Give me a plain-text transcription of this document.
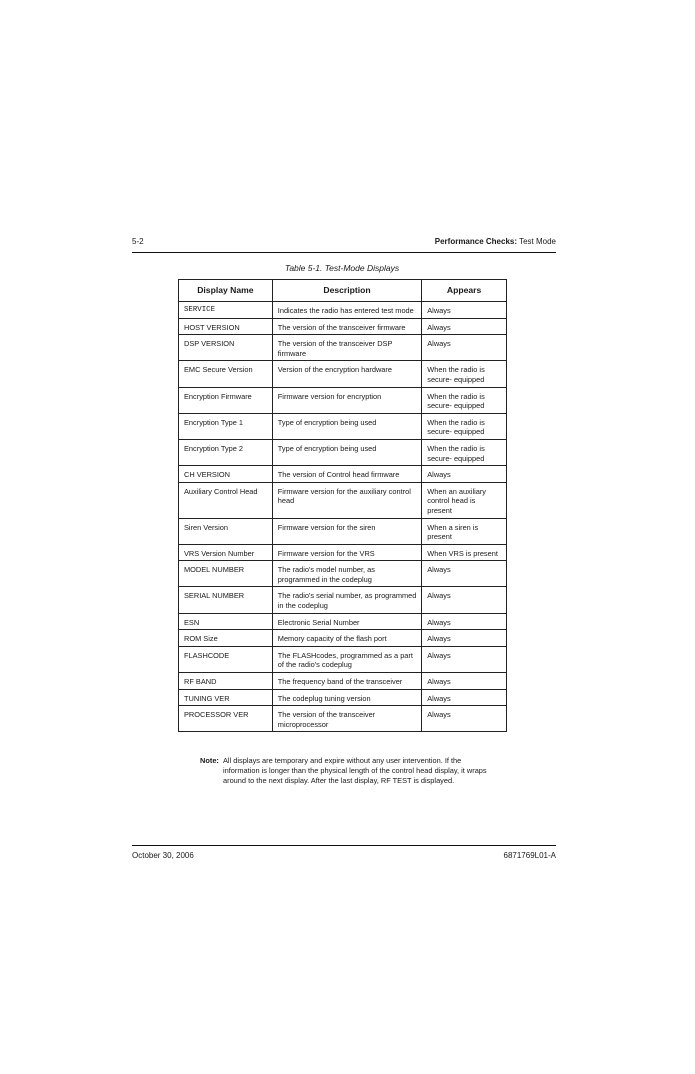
5-2	Performance Checks: Test Mode
Table 5-1. Test-Mode Displays
Display Name	Description	Appears
SERVICE	Indicates the radio has entered test mode	Always
HOST VERSION	The version of the transceiver firmware	Always
DSP VERSION	The version of the transceiver DSP firmware	Always
EMC Secure Version	Version of the encryption hardware	When the radio is secure- equipped
Encryption Firmware	Firmware version for encryption	When the radio is secure- equipped
Encryption Type 1	Type of encryption being used	When the radio is secure- equipped
Encryption Type 2	Type of encryption being used	When the radio is secure- equipped
CH VERSION	The version of Control head firmware	Always
Auxiliary Control Head	Firmware version for the auxiliary control head	When an auxiliary control head is present
Siren Version	Firmware version for the siren	When a siren is present
VRS Version Number	Firmware version for the VRS	When VRS is present
MODEL NUMBER	The radio's model number, as programmed in the codeplug	Always
SERIAL NUMBER	The radio's serial number, as programmed in the codeplug	Always
ESN	Electronic Serial Number	Always
ROM Size	Memory capacity of the flash port	Always
FLASHCODE	The FLASHcodes, programmed as a part of the radio's codeplug	Always
RF BAND	The frequency band of the transceiver	Always
TUNING VER	The codeplug tuning version	Always
PROCESSOR VER	The version of the transceiver microprocessor	Always
Note: All displays are temporary and expire without any user intervention. If the information is longer than the physical length of the control head display, it wraps around to the next display. After the last display, RF TEST is displayed.
October 30, 2006	6871769L01-A
